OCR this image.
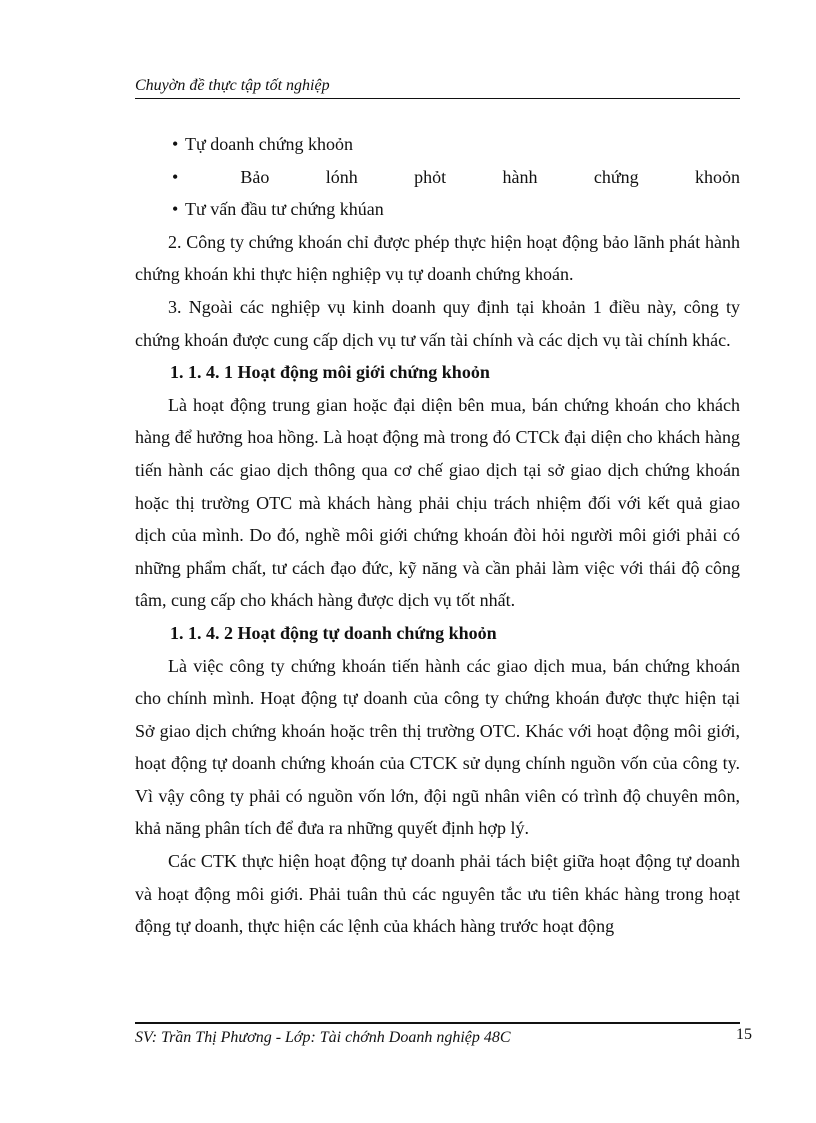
Chuyờn đề thực tập tốt nghiệp

• Tự doanh chứng khoỏn

•	Bảo	lónh	phỏt	hành	chứng	khoỏn

• Tư vấn đầu tư chứng khúan

2. Công ty chứng khoán chỉ được phép thực hiện hoạt động bảo lãnh phát hành chứng khoán khi thực hiện nghiệp vụ tự doanh chứng khoán.

3. Ngoài các nghiệp vụ kinh doanh quy định tại khoản 1 điều này, công ty chứng khoán được cung cấp dịch vụ tư vấn tài chính và các dịch vụ tài chính khác.

1. 1. 4. 1 Hoạt động môi giới chứng khoỏn

Là hoạt động trung gian hoặc đại diện bên mua, bán chứng khoán cho khách hàng để hưởng hoa hồng. Là hoạt động mà trong đó CTCk đại diện cho khách hàng tiến hành các giao dịch thông qua cơ chế giao dịch tại sở giao dịch chứng khoán hoặc thị trường OTC mà khách hàng phải chịu trách nhiệm đối với kết quả giao dịch của mình. Do đó, nghề môi giới chứng khoán đòi hỏi người môi giới phải có những phẩm chất, tư cách đạo đức, kỹ năng và cần phải làm việc với thái độ công tâm, cung cấp cho khách hàng được dịch vụ tốt nhất.

1. 1. 4. 2 Hoạt động tự doanh chứng khoỏn

Là việc công ty chứng khoán tiến hành các giao dịch mua, bán chứng khoán cho chính mình. Hoạt động tự doanh của công ty chứng khoán được thực hiện tại Sở giao dịch chứng khoán hoặc trên thị trường OTC. Khác với hoạt động môi giới, hoạt động tự doanh chứng khoán của CTCK sử dụng chính nguồn vốn của công ty. Vì vậy công ty phải có nguồn vốn lớn, đội ngũ nhân viên có trình độ chuyên môn, khả năng phân tích để đưa ra những quyết định hợp lý.

Các CTK thực hiện hoạt động tự doanh phải tách biệt giữa hoạt động tự doanh và hoạt động môi giới. Phải tuân thủ các nguyên tắc ưu tiên khác hàng trong hoạt động tự doanh, thực hiện các lệnh của khách hàng trước hoạt động

SV: Trần Thị Phương - Lớp: Tài chớnh Doanh nghiệp 48C	15
